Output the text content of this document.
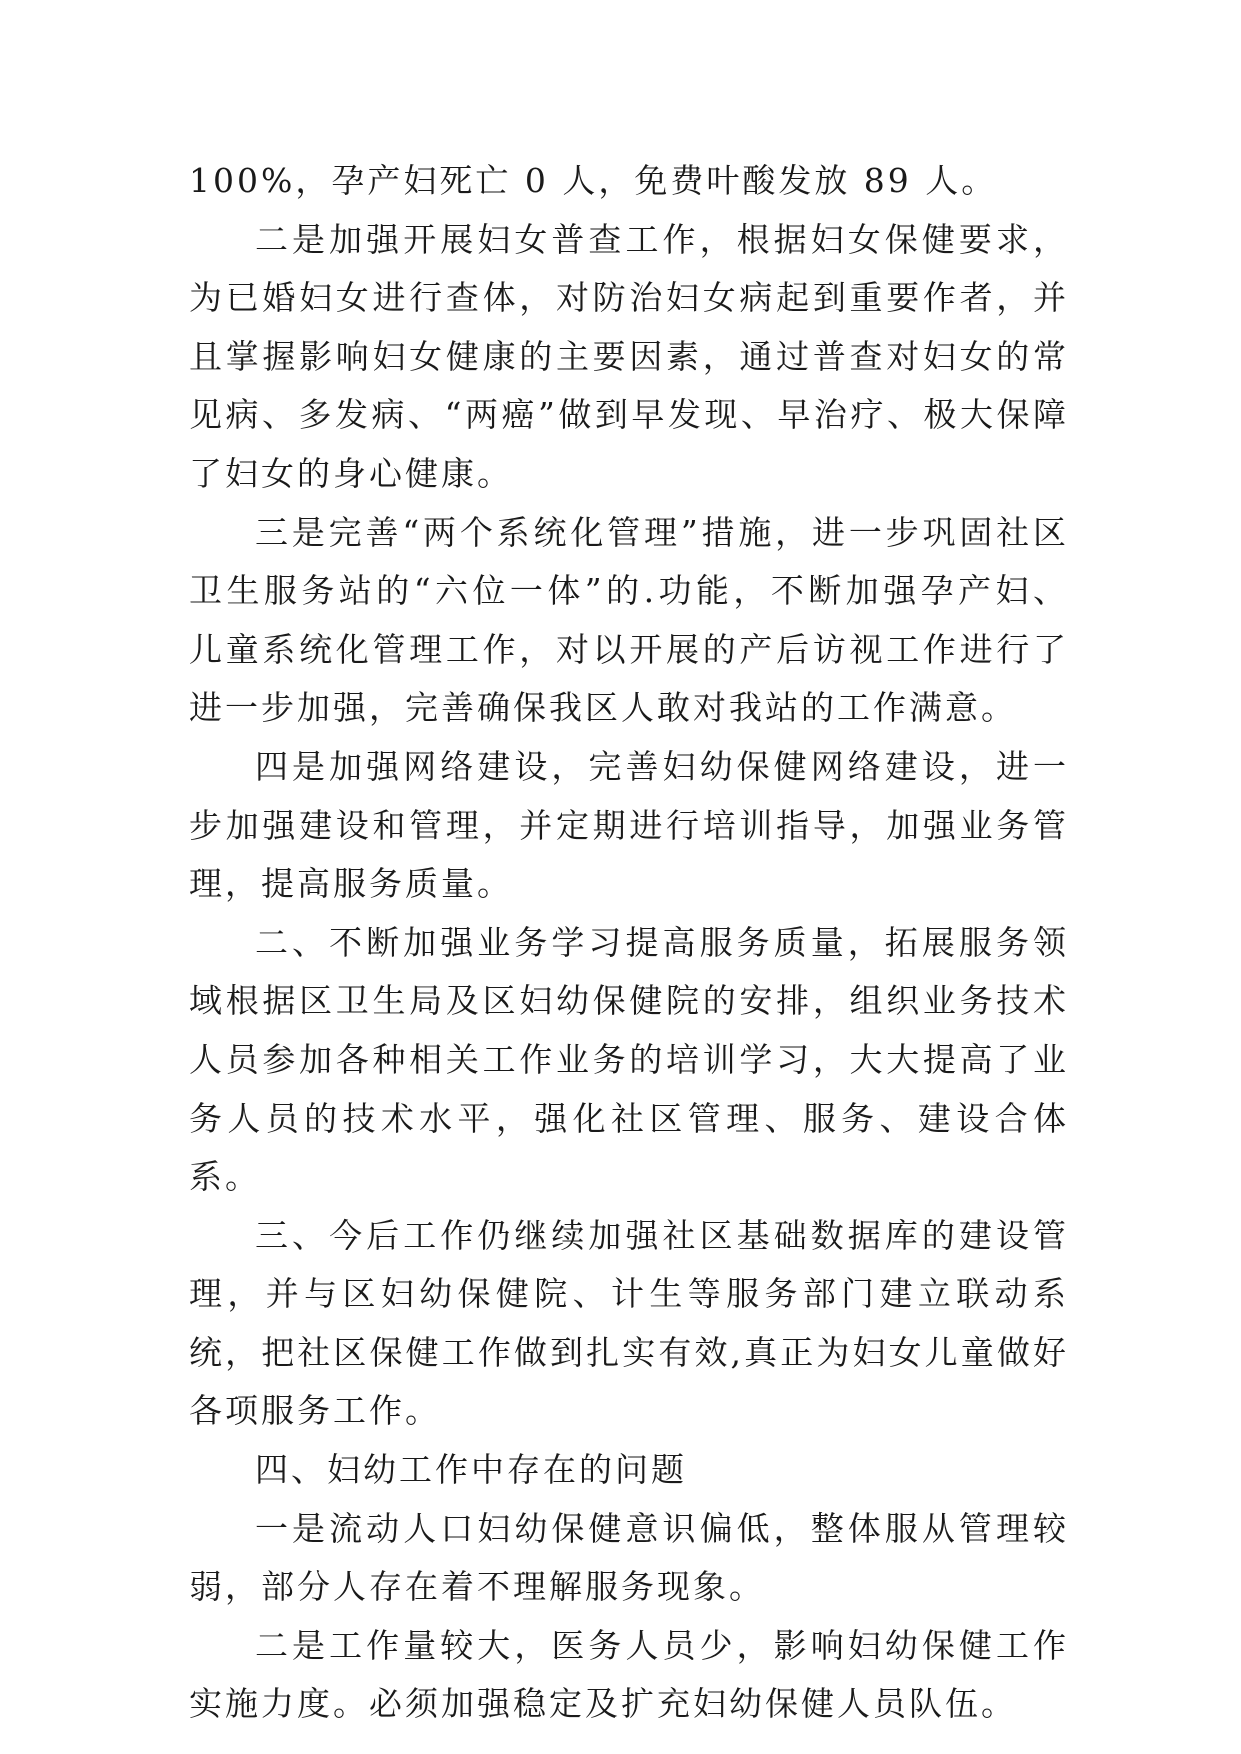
100%，孕产妇死亡 0 人，免费叶酸发放 89 人。

二是加强开展妇女普查工作，根据妇女保健要求，为已婚妇女进行查体，对防治妇女病起到重要作者，并且掌握影响妇女健康的主要因素，通过普查对妇女的常见病、多发病、“两癌”做到早发现、早治疗、极大保障了妇女的身心健康。

三是完善“两个系统化管理”措施，进一步巩固社区卫生服务站的“六位一体”的.功能，不断加强孕产妇、儿童系统化管理工作，对以开展的产后访视工作进行了进一步加强，完善确保我区人敢对我站的工作满意。

四是加强网络建设，完善妇幼保健网络建设，进一步加强建设和管理，并定期进行培训指导，加强业务管理，提高服务质量。

二、不断加强业务学习提高服务质量，拓展服务领域根据区卫生局及区妇幼保健院的安排，组织业务技术人员参加各种相关工作业务的培训学习，大大提高了业务人员的技术水平，强化社区管理、服务、建设合体系。

三、今后工作仍继续加强社区基础数据库的建设管理，并与区妇幼保健院、计生等服务部门建立联动系统，把社区保健工作做到扎实有效,真正为妇女儿童做好各项服务工作。

四、妇幼工作中存在的问题

一是流动人口妇幼保健意识偏低，整体服从管理较弱，部分人存在着不理解服务现象。

二是工作量较大，医务人员少，影响妇幼保健工作实施力度。必须加强稳定及扩充妇幼保健人员队伍。
